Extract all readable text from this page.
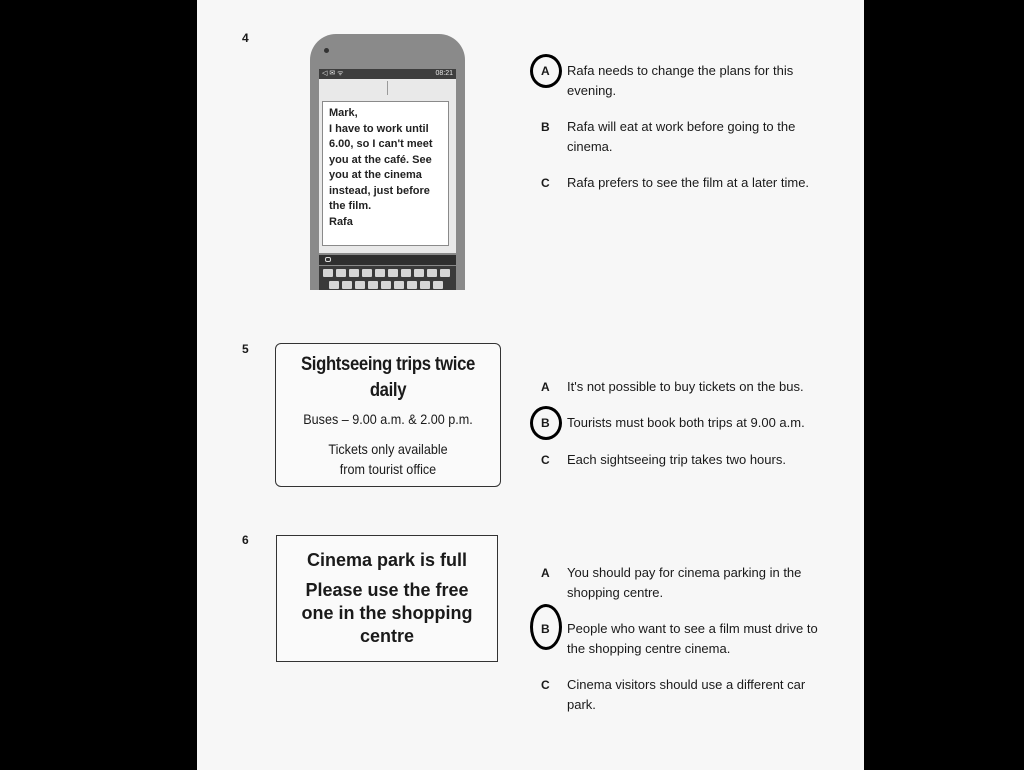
4
◁ ✉ ᯤ	08:21
Mark,
I have to work until 6.00, so I can't meet you at the café. See you at the cinema instead, just before the film.
Rafa
A	Rafa needs to change the plans for this evening.
B	Rafa will eat at work before going to the cinema.
C	Rafa prefers to see the film at a later time.
5
Sightseeing trips twice daily
Buses – 9.00 a.m. & 2.00 p.m.
Tickets only available from tourist office
A	It's not possible to buy tickets on the bus.
B	Tourists must book both trips at 9.00 a.m.
C	Each sightseeing trip takes two hours.
6
Cinema park is full
Please use the free one in the shopping centre
A	You should pay for cinema parking in the shopping centre.
B	People who want to see a film must drive to the shopping centre cinema.
C	Cinema visitors should use a different car park.
